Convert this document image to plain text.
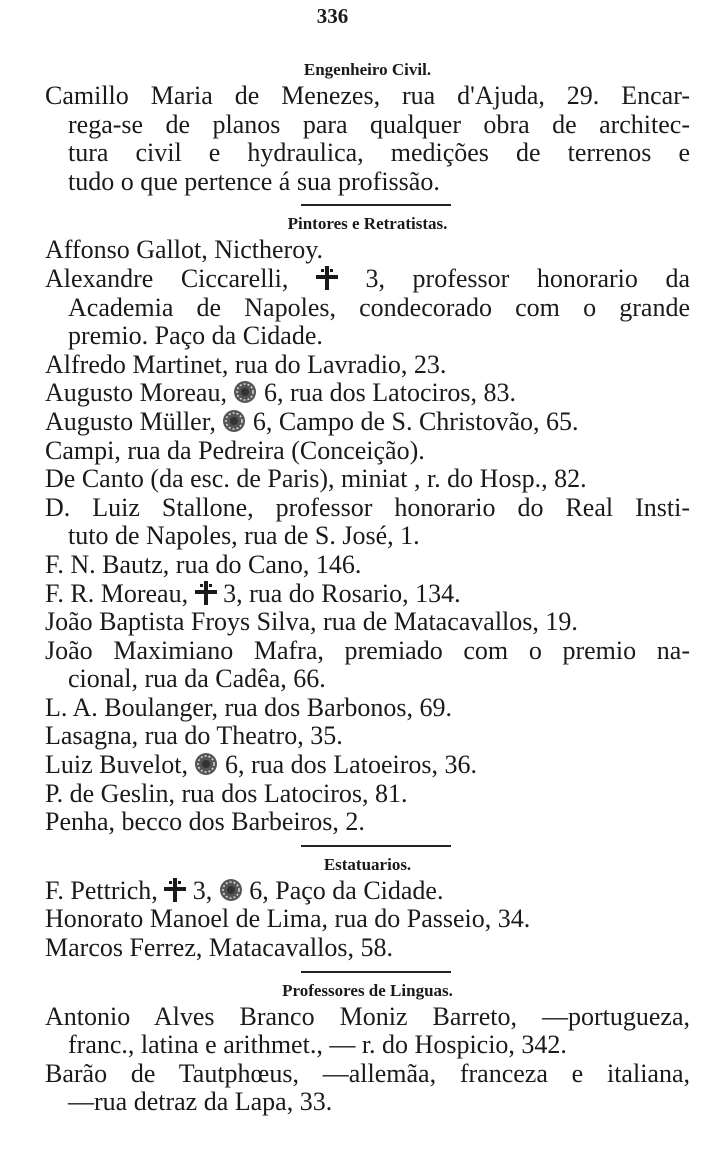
336
Engenheiro Civil.
Camillo Maria de Menezes, rua d'Ajuda, 29. Encar-
rega-se de planos para qualquer obra de architec-
tura civil e hydraulica, medições de terrenos e
tudo o que pertence á sua profissão.
Pintores e Retratistas.
Affonso Gallot, Nictheroy.
Alexandre Ciccarelli,  3, professor honorario da
Academia de Napoles, condecorado com o grande
premio. Paço da Cidade.
Alfredo Martinet, rua do Lavradio, 23.
Augusto Moreau,  6, rua dos Latociros, 83.
Augusto Müller,  6, Campo de S. Christovão, 65.
Campi, rua da Pedreira (Conceição).
De Canto (da esc. de Paris), miniat , r. do Hosp., 82.
D. Luiz Stallone, professor honorario do Real Insti-
tuto de Napoles, rua de S. José, 1.
F. N. Bautz, rua do Cano, 146.
F. R. Moreau,  3, rua do Rosario, 134.
João Baptista Froys Silva, rua de Matacavallos, 19.
João Maximiano Mafra, premiado com o premio na-
cional, rua da Cadêa, 66.
L. A. Boulanger, rua dos Barbonos, 69.
Lasagna, rua do Theatro, 35.
Luiz Buvelot,  6, rua dos Latoeiros, 36.
P. de Geslin, rua dos Latociros, 81.
Penha, becco dos Barbeiros, 2.
Estatuarios.
F. Pettrich,  3,  6, Paço da Cidade.
Honorato Manoel de Lima, rua do Passeio, 34.
Marcos Ferrez, Matacavallos, 58.
Professores de Linguas.
Antonio Alves Branco Moniz Barreto, —portugueza,
franc., latina e arithmet., — r. do Hospicio, 342.
Barão de Tautphœus, —allemãa, franceza e italiana,
—rua detraz da Lapa, 33.
